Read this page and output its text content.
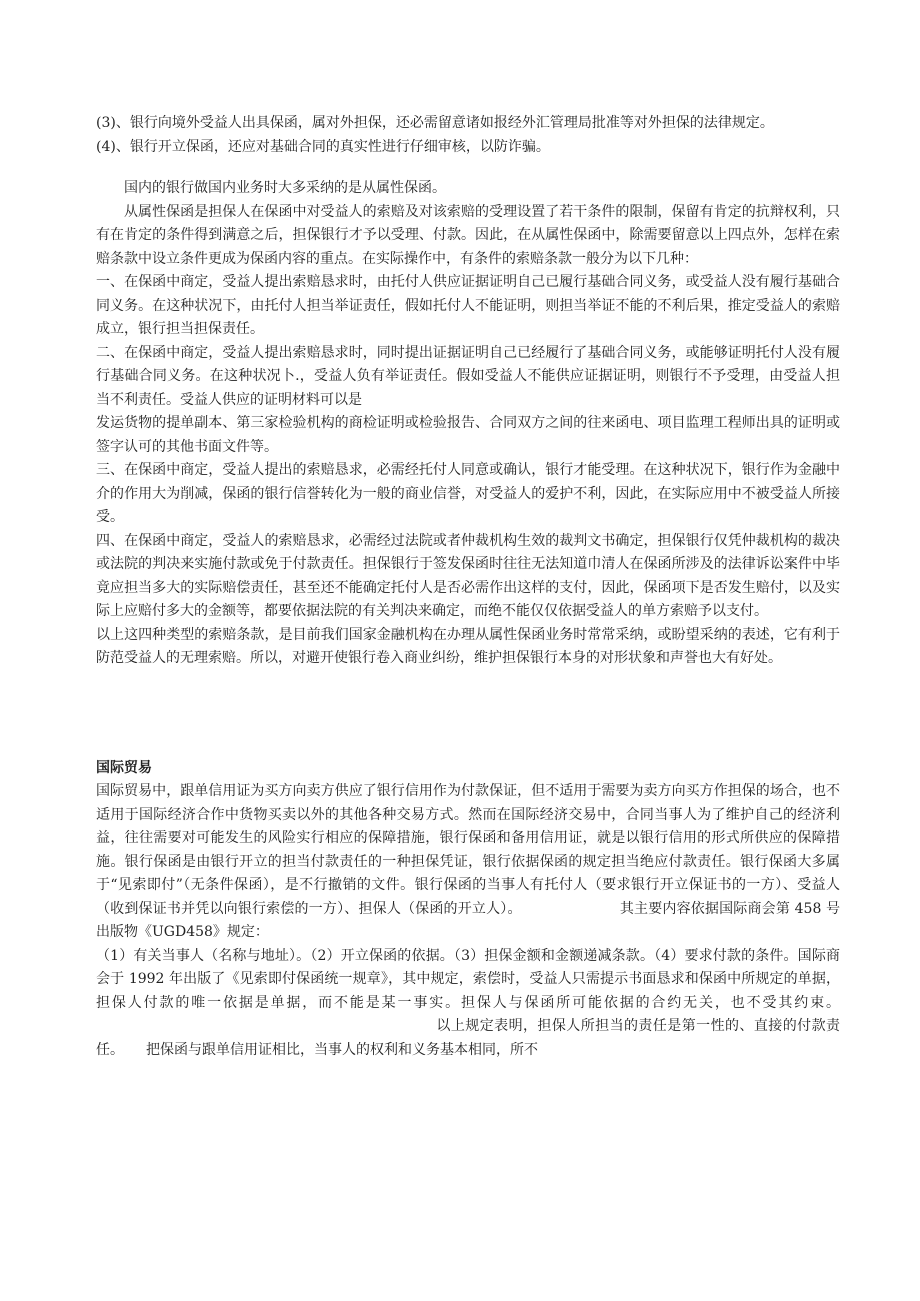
(3)、银行向境外受益人出具保函，属对外担保，还必需留意诸如报经外汇管理局批准等对外担保的法律规定。

(4)、银行开立保函，还应对基础合同的真实性进行仔细审核，以防诈骗。

国内的银行做国内业务时大多采纳的是从属性保函。

从属性保函是担保人在保函中对受益人的索赔及对该索赔的受理设置了若干条件的限制，保留有肯定的抗辩权利，只有在肯定的条件得到满意之后，担保银行才予以受理、付款。因此，在从属性保函中，除需要留意以上四点外，怎样在索赔条款中设立条件更成为保函内容的重点。在实际操作中，有条件的索赔条款一般分为以下几种：

一、在保函中商定，受益人提出索赔恳求时，由托付人供应证据证明自己已履行基础合同义务，或受益人没有履行基础合同义务。在这种状况下，由托付人担当举证责任，假如托付人不能证明，则担当举证不能的不利后果，推定受益人的索赔成立，银行担当担保责任。

二、在保函中商定，受益人提出索赔恳求时，同时提出证据证明自己已经履行了基础合同义务，或能够证明托付人没有履行基础合同义务。在这种状况卜.，受益人负有举证责任。假如受益人不能供应证据证明，则银行不予受理，由受益人担当不利责任。受益人供应的证明材料可以是

发运货物的提单副本、第三家检验机构的商检证明或检验报告、合同双方之间的往来函电、项目监理工程师出具的证明或签字认可的其他书面文件等。

三、在保函中商定，受益人提出的索赔恳求，必需经托付人同意或确认，银行才能受理。在这种状况下，银行作为金融中介的作用大为削减，保函的银行信誉转化为一般的商业信誉，对受益人的爱护不利，因此，在实际应用中不被受益人所接受。

四、在保函中商定，受益人的索赔恳求，必需经过法院或者仲裁机构生效的裁判文书确定，担保银行仅凭仲裁机构的裁决或法院的判决来实施付款或免于付款责任。担保银行于签发保函时往往无法知道巾清人在保函所涉及的法律诉讼案件中毕竟应担当多大的实际赔偿责任，甚至还不能确定托付人是否必需作出这样的支付，因此，保函项下是否发生赔付，以及实际上应赔付多大的金额等，都要依据法院的有关判决来确定，而绝不能仅仅依据受益人的单方索赔予以支付。

以上这四种类型的索赔条款，是目前我们国家金融机构在办理从属性保函业务时常常采纳，或盼望采纳的表述，它有利于防范受益人的无理索赔。所以，对避开使银行卷入商业纠纷，维护担保银行本身的对形状象和声誉也大有好处。

国际贸易

国际贸易中，跟单信用证为买方向卖方供应了银行信用作为付款保证，但不适用于需要为卖方向买方作担保的场合，也不适用于国际经济合作中货物买卖以外的其他各种交易方式。然而在国际经济交易中，合同当事人为了维护自己的经济利益，往往需要对可能发生的风险实行相应的保障措施，银行保函和备用信用证，就是以银行信用的形式所供应的保障措施。银行保函是由银行开立的担当付款责任的一种担保凭证，银行依据保函的规定担当绝应付款责任。银行保函大多属于“见索即付”（无条件保函），是不行撤销的文件。银行保函的当事人有托付人（要求银行开立保证书的一方）、受益人（收到保证书并凭以向银行索偿的一方）、担保人（保函的开立人）。	其主要内容依据国际商会第 458 号出版物《UGD458》规定：

（1）有关当事人（名称与地址）。（2）开立保函的依据。（3）担保金额和金额递减条款。（4）要求付款的条件。国际商会于 1992 年出版了《见索即付保函统一规章》，其中规定，索偿时，受益人只需提示书面恳求和保函中所规定的单据，担保人付款的唯一依据是单据，而不能是某一事实。担保人与保函所可能依据的合约无关，也不受其约束。以上规定表明，担保人所担当的责任是第一性的、直接的付款责任。 把保函与跟单信用证相比，当事人的权利和义务基本相同，所不
